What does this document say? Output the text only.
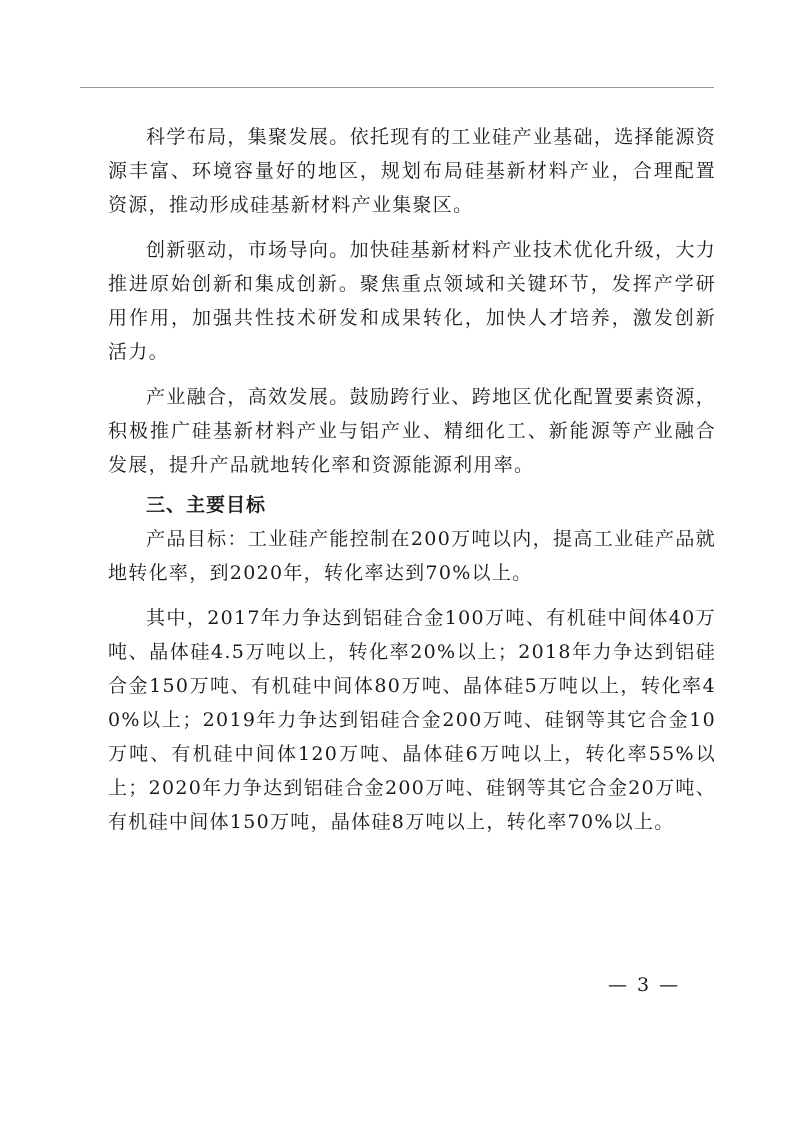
科学布局，集聚发展。依托现有的工业硅产业基础，选择能源资源丰富、环境容量好的地区，规划布局硅基新材料产业，合理配置资源，推动形成硅基新材料产业集聚区。

创新驱动，市场导向。加快硅基新材料产业技术优化升级，大力推进原始创新和集成创新。聚焦重点领域和关键环节，发挥产学研用作用，加强共性技术研发和成果转化，加快人才培养，激发创新活力。

产业融合，高效发展。鼓励跨行业、跨地区优化配置要素资源，积极推广硅基新材料产业与铝产业、精细化工、新能源等产业融合发展，提升产品就地转化率和资源能源利用率。

三、主要目标

产品目标：工业硅产能控制在200万吨以内，提高工业硅产品就地转化率，到2020年，转化率达到70%以上。

其中，2017年力争达到铝硅合金100万吨、有机硅中间体40万吨、晶体硅4.5万吨以上，转化率20%以上；2018年力争达到铝硅合金150万吨、有机硅中间体80万吨、晶体硅5万吨以上，转化率40%以上；2019年力争达到铝硅合金200万吨、硅钢等其它合金10万吨、有机硅中间体120万吨、晶体硅6万吨以上，转化率55%以上；2020年力争达到铝硅合金200万吨、硅钢等其它合金20万吨、有机硅中间体150万吨，晶体硅8万吨以上，转化率70%以上。

— 3 —
